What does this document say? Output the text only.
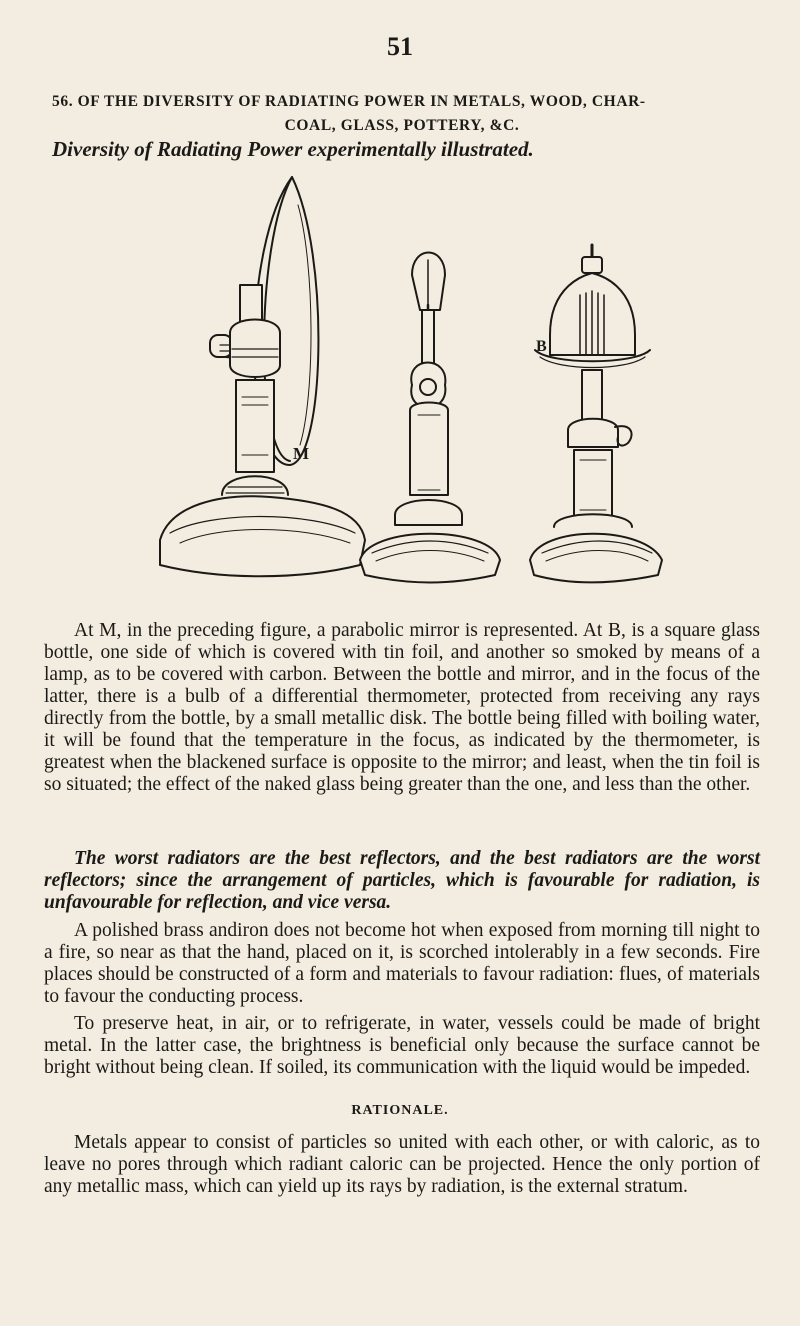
51
56. OF THE DIVERSITY OF RADIATING POWER IN METALS, WOOD, CHAR-
COAL, GLASS, POTTERY, &C.
Diversity of Radiating Power experimentally illustrated.
M
B
At M, in the preceding figure, a parabolic mirror is represented. At B, is a square glass bottle, one side of which is covered with tin foil, and another so smoked by means of a lamp, as to be covered with carbon. Between the bottle and mirror, and in the focus of the latter, there is a bulb of a differential thermometer, protected from receiving any rays directly from the bottle, by a small metallic disk. The bottle being filled with boiling water, it will be found that the temperature in the focus, as indicated by the thermometer, is greatest when the blackened surface is opposite to the mirror; and least, when the tin foil is so situated; the effect of the naked glass being greater than the one, and less than the other.
The worst radiators are the best reflectors, and the best radiators are the worst reflectors; since the arrangement of particles, which is favourable for radiation, is unfavourable for reflection, and vice versa.
A polished brass andiron does not become hot when exposed from morning till night to a fire, so near as that the hand, placed on it, is scorched intolerably in a few seconds. Fire places should be constructed of a form and materials to favour radiation: flues, of materials to favour the conducting process.
To preserve heat, in air, or to refrigerate, in water, vessels could be made of bright metal. In the latter case, the brightness is beneficial only because the surface cannot be bright without being clean. If soiled, its communication with the liquid would be impeded.
RATIONALE.
Metals appear to consist of particles so united with each other, or with caloric, as to leave no pores through which radiant caloric can be projected. Hence the only portion of any metallic mass, which can yield up its rays by radiation, is the external stratum.
